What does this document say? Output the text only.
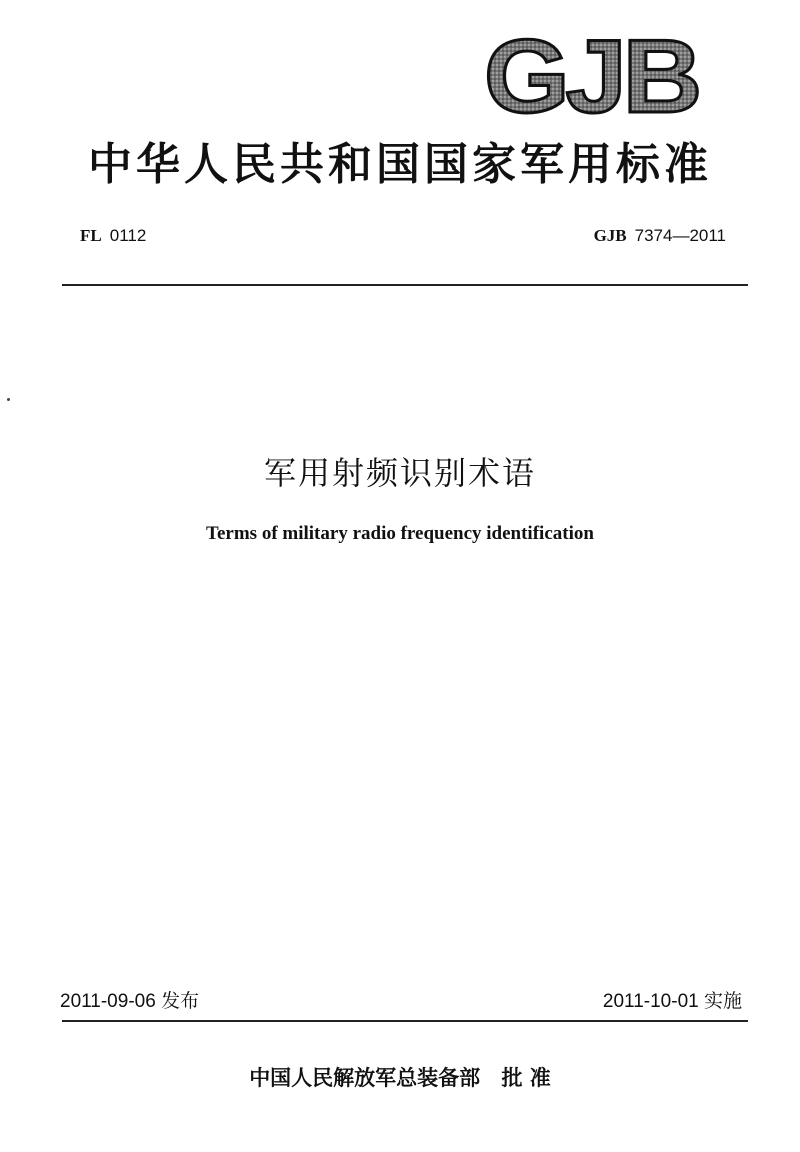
GJB
中华人民共和国国家军用标准
FL 0112	GJB 7374—2011
军用射频识别术语
Terms of military radio frequency identification
2011-09-06 发布	2011-10-01 实施
中国人民解放军总装备部 批 准
